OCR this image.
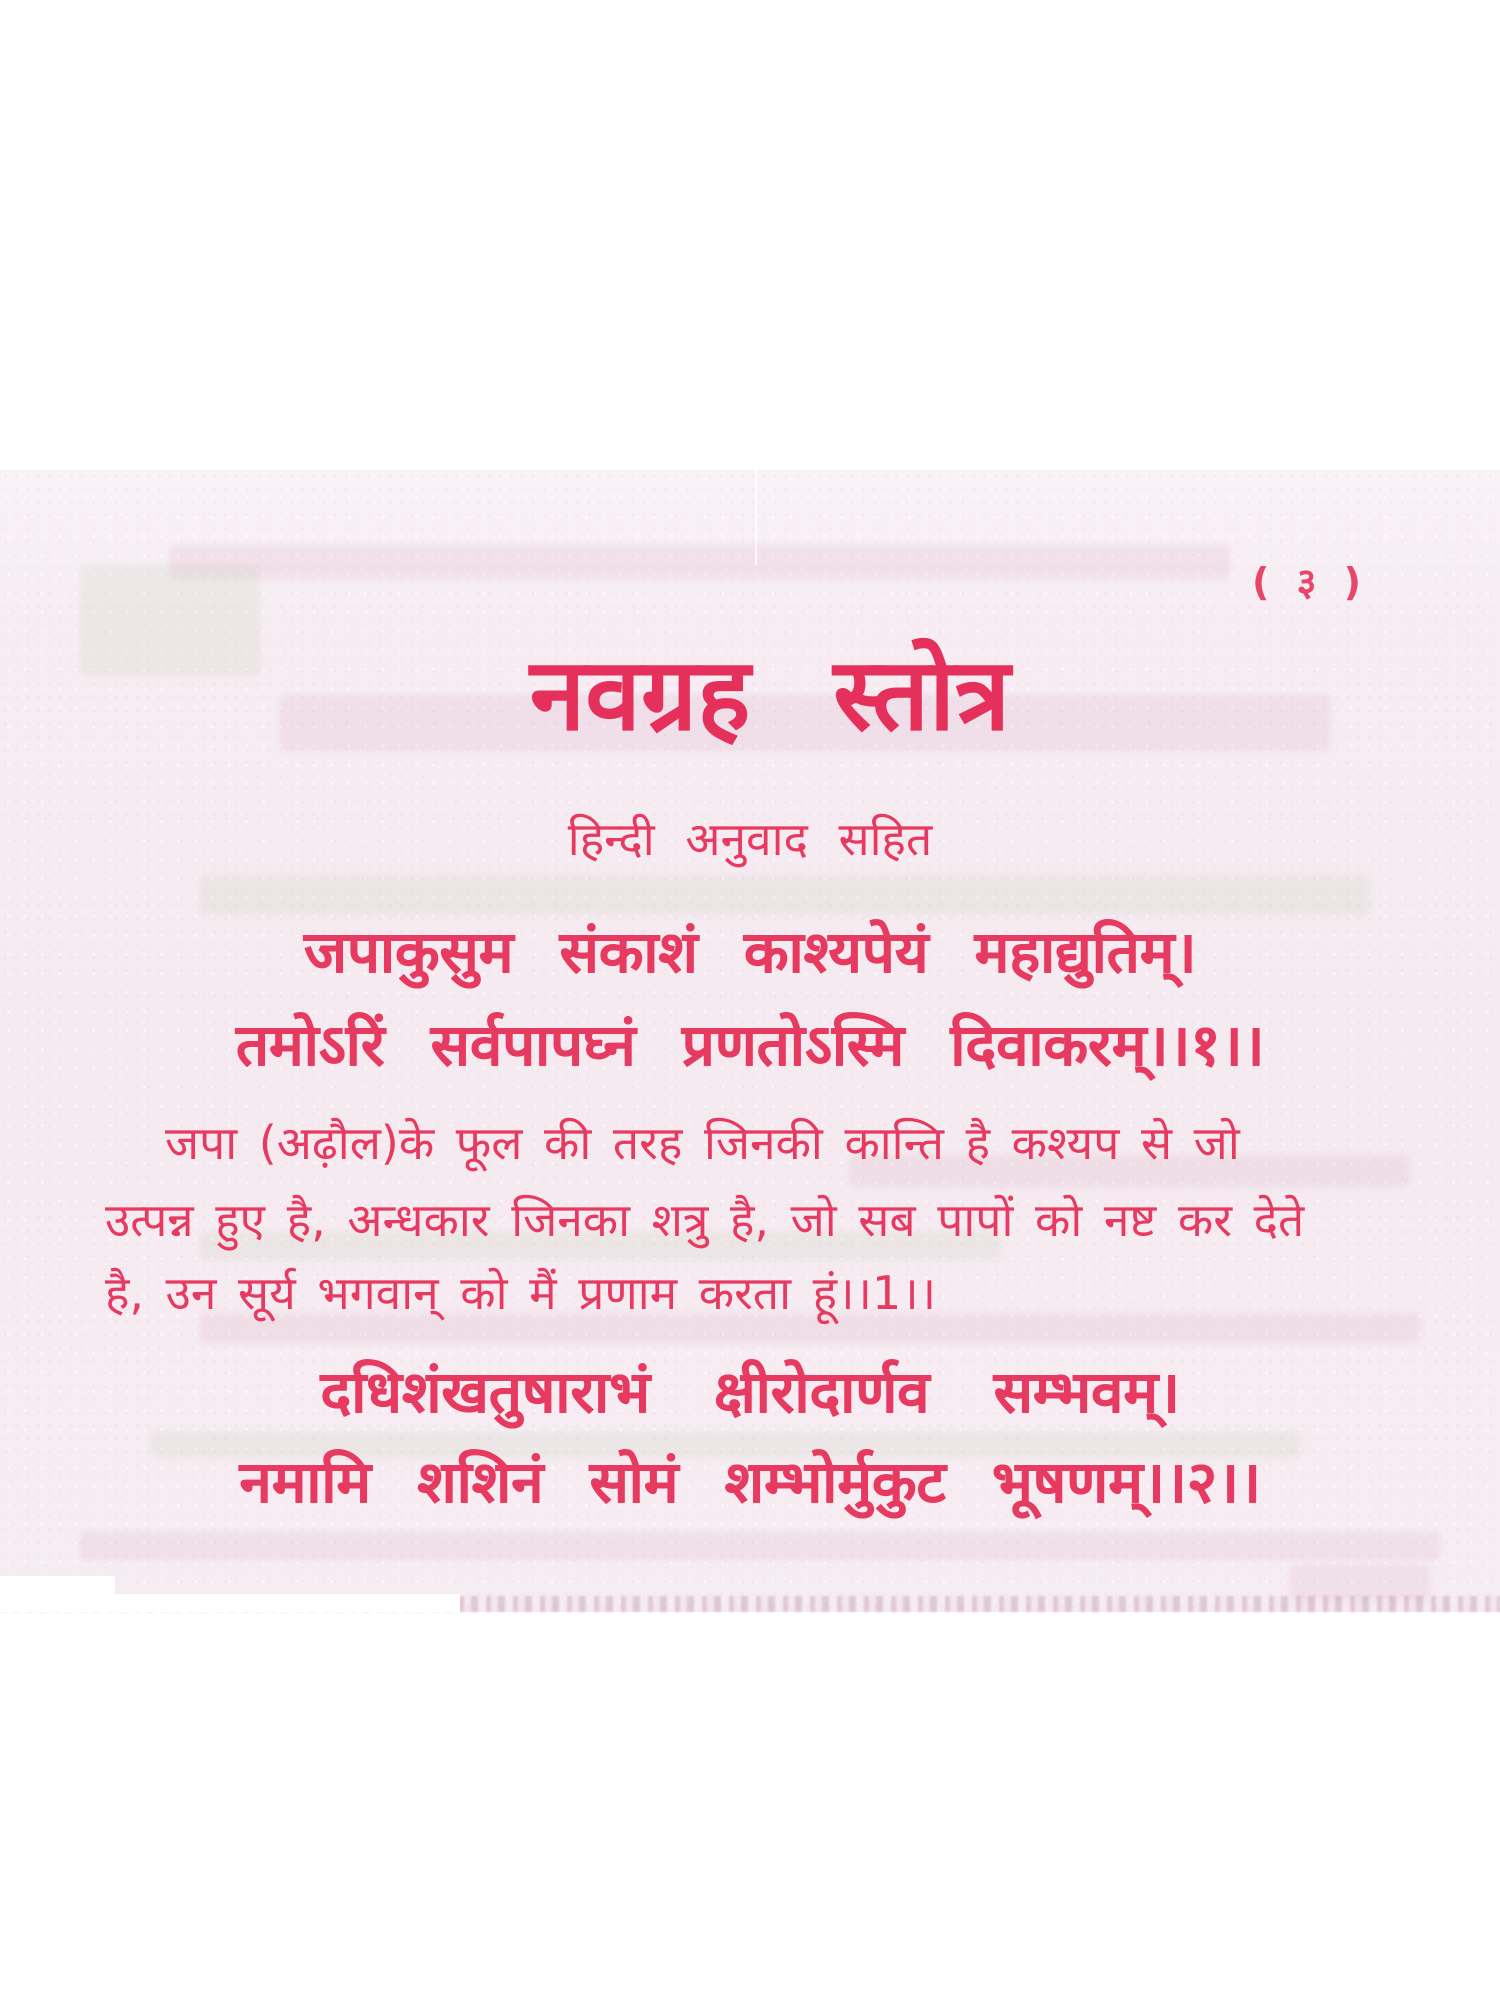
( ३ )
नवग्रह स्तोत्र
हिन्दी अनुवाद सहित
जपाकुसुम संकाशं काश्यपेयं महाद्युतिम्।
तमोऽरिं सर्वपापघ्नं प्रणतोऽस्मि दिवाकरम्।।१।।
जपा (अढ़ौल)के फूल की तरह जिनकी कान्ति है कश्यप से जो
उत्पन्न हुए है, अन्धकार जिनका शत्रु है, जो सब पापों को नष्ट कर देते
है, उन सूर्य भगवान् को मैं प्रणाम करता हूं।।1।।
दधिशंखतुषाराभं क्षीरोदार्णव सम्भवम्।
नमामि शशिनं सोमं शम्भोर्मुकुट भूषणम्।।२।।
